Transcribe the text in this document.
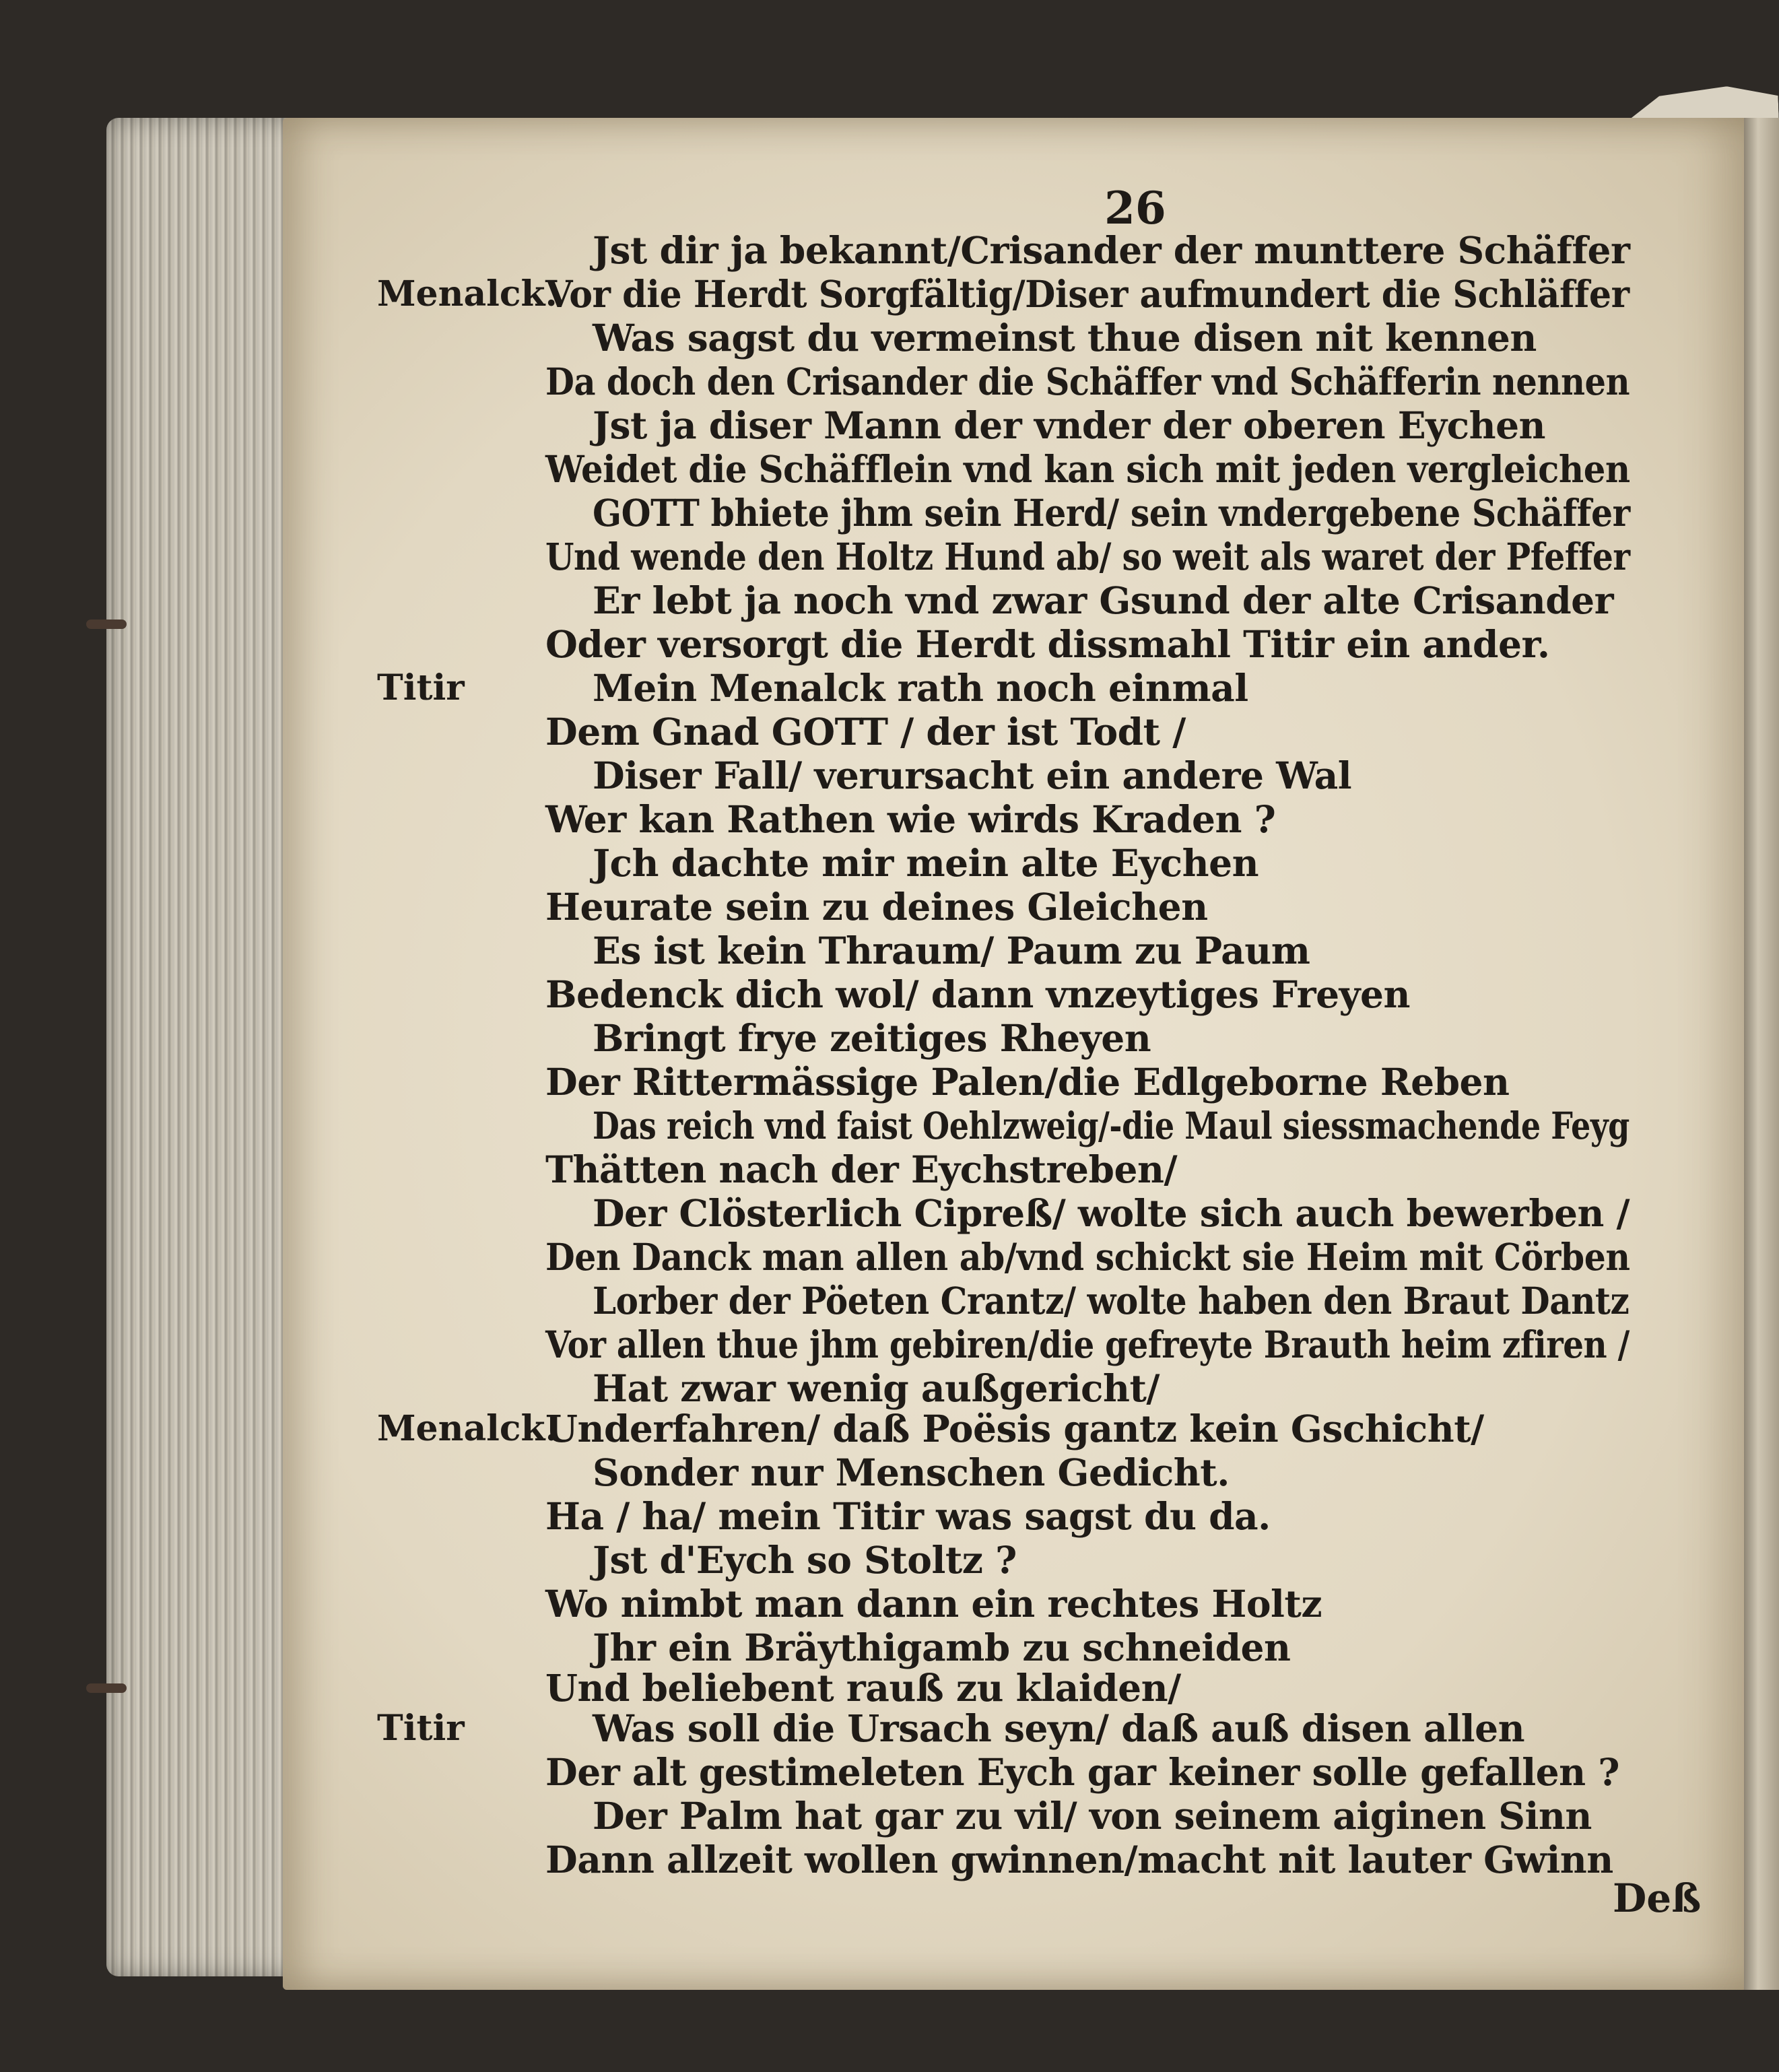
26
Menalck.
Titir
Menalck.
Titir
Jst dir ja bekannt/Crisander der munttere Schäffer
Vor die Herdt Sorgfältig/Diser aufmundert die Schläffer
Was sagst du vermeinst thue disen nit kennen
Da doch den Crisander die Schäffer vnd Schäfferin nennen
Jst ja diser Mann der vnder der oberen Eychen
Weidet die Schäfflein vnd kan sich mit jeden vergleichen
GOTT bhiete jhm sein Herd/ sein vndergebene Schäffer
Und wende den Holtz Hund ab/ so weit als waret der Pfeffer
Er lebt ja noch vnd zwar Gsund der alte Crisander
Oder versorgt die Herdt dissmahl Titir ein ander.
Mein Menalck rath noch einmal
Dem Gnad GOTT / der ist Todt /
Diser Fall/ verursacht ein andere Wal
Wer kan Rathen wie wirds Kraden ?
Jch dachte mir mein alte Eychen
Heurate sein zu deines Gleichen
Es ist kein Thraum/ Paum zu Paum
Bedenck dich wol/ dann vnzeytiges Freyen
Bringt frye zeitiges Rheyen
Der Rittermässige Palen/die Edlgeborne Reben
Das reich vnd faist Oehlzweig/-die Maul siessmachende Feyg
Thätten nach der Eychstreben/
Der Clösterlich Cipreß/ wolte sich auch bewerben /
Den Danck man allen ab/vnd schickt sie Heim mit Cörben
Lorber der Pöeten Crantz/ wolte haben den Braut Dantz
Vor allen thue jhm gebiren/die gefreyte Brauth heim zfiren /
Hat zwar wenig außgericht/
Underfahren/ daß Poësis gantz kein Gschicht/
Sonder nur Menschen Gedicht.
Ha / ha/ mein Titir was sagst du da.
Jst d'Eych so Stoltz ?
Wo nimbt man dann ein rechtes Holtz
Jhr ein Bräythigamb zu schneiden
Und beliebent rauß zu klaiden/
Was soll die Ursach seyn/ daß auß disen allen
Der alt gestimeleten Eych gar keiner solle gefallen ?
Der Palm hat gar zu vil/ von seinem aiginen Sinn
Dann allzeit wollen gwinnen/macht nit lauter Gwinn
Deß
